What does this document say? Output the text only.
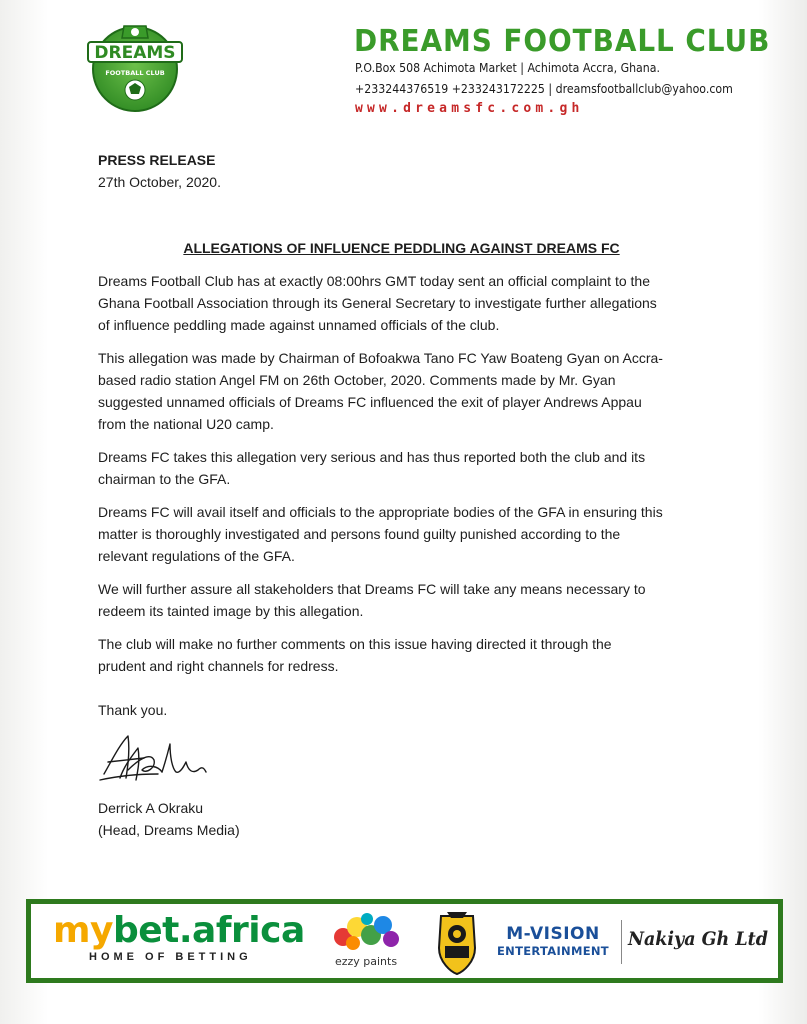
DREAMS
FOOTBALL CLUB
DREAMS FOOTBALL CLUB
P.O.Box 508 Achimota Market | Achimota Accra, Ghana.
+233244376519 +233243172225 | dreamsfootballclub@yahoo.com
www.dreamsfc.com.gh
PRESS RELEASE
27th October, 2020.
ALLEGATIONS OF INFLUENCE PEDDLING AGAINST DREAMS FC
Dreams Football Club has at exactly 08:00hrs GMT today sent an official complaint to the
Ghana Football Association through its General Secretary to investigate further allegations
of influence peddling made against unnamed officials of the club.
This allegation was made by Chairman of Bofoakwa Tano FC Yaw Boateng Gyan on Accra-
based radio station Angel FM on 26th October, 2020. Comments made by Mr. Gyan
suggested unnamed officials of Dreams FC influenced the exit of player Andrews Appau
from the national U20 camp.
Dreams FC takes this allegation very serious and has thus reported both the club and its
chairman to the GFA.
Dreams FC will avail itself and officials to the appropriate bodies of the GFA in ensuring this
matter is thoroughly investigated and persons found guilty punished according to the
relevant regulations of the GFA.
We will further assure all stakeholders that Dreams FC will take any means necessary to
redeem its tainted image by this allegation.
The club will make no further comments on this issue having directed it through the
prudent and right channels for redress.
Thank you.
Derrick A Okraku
(Head, Dreams Media)
mybet.africa
HOME OF BETTING	ezzy paints
M-VISION
ENTERTAINMENT
Nakiya Gh Ltd
